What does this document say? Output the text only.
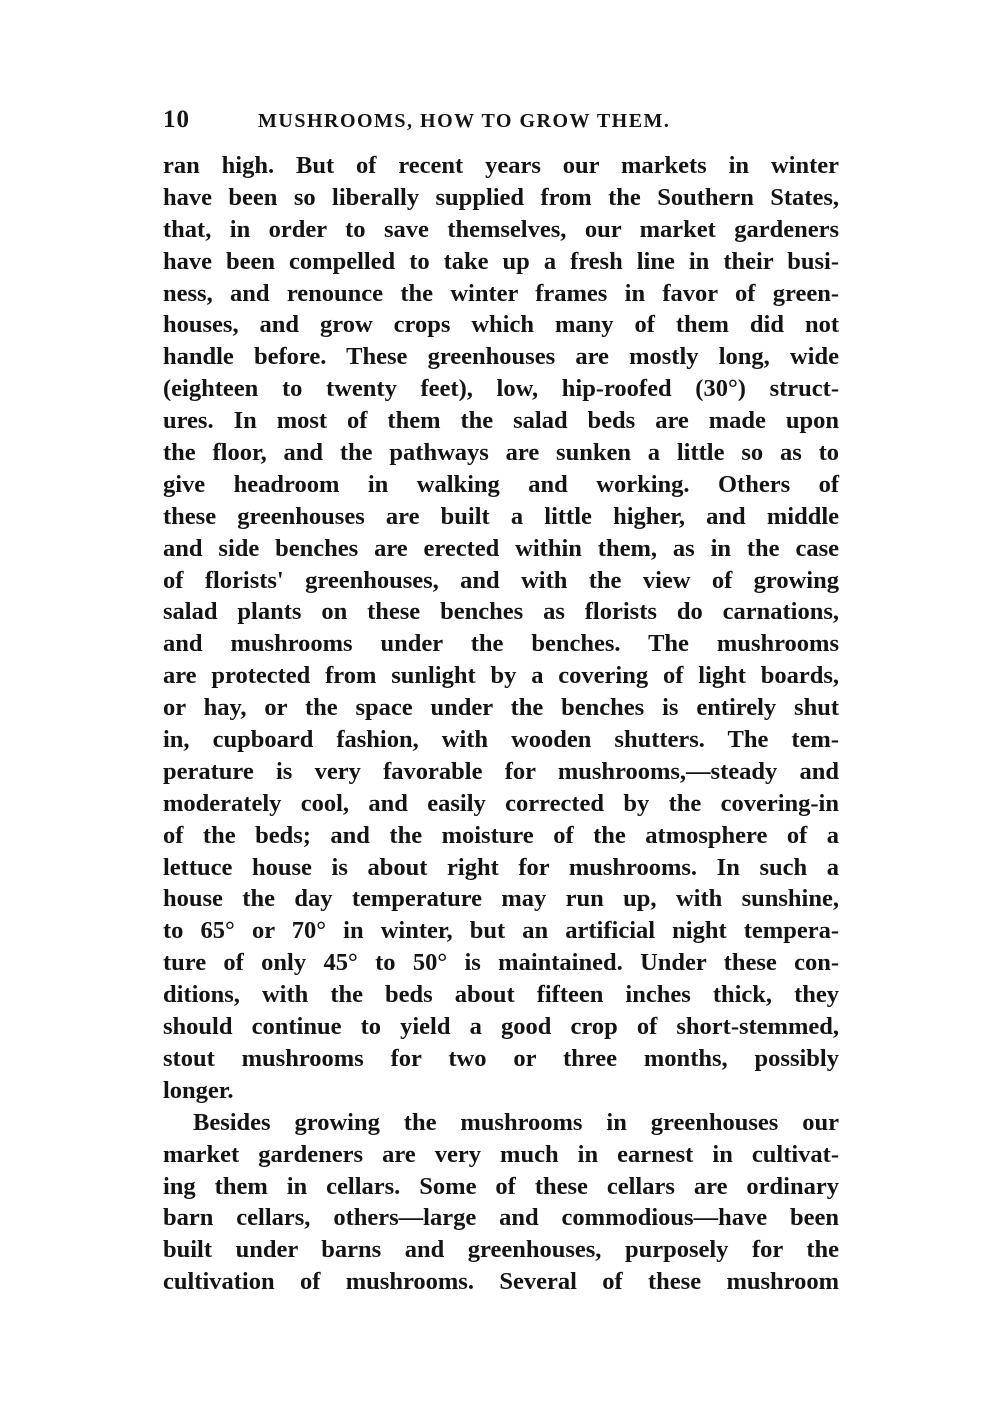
10	MUSHROOMS, HOW TO GROW THEM.
ran high. But of recent years our markets in winter
have been so liberally supplied from the Southern States,
that, in order to save themselves, our market gardeners
have been compelled to take up a fresh line in their busi-
ness, and renounce the winter frames in favor of green-
houses, and grow crops which many of them did not
handle before. These greenhouses are mostly long, wide
(eighteen to twenty feet), low, hip-roofed (30°) struct-
ures. In most of them the salad beds are made upon
the floor, and the pathways are sunken a little so as to
give headroom in walking and working. Others of
these greenhouses are built a little higher, and middle
and side benches are erected within them, as in the case
of florists' greenhouses, and with the view of growing
salad plants on these benches as florists do carnations,
and mushrooms under the benches. The mushrooms
are protected from sunlight by a covering of light boards,
or hay, or the space under the benches is entirely shut
in, cupboard fashion, with wooden shutters. The tem-
perature is very favorable for mushrooms,—steady and
moderately cool, and easily corrected by the covering-in
of the beds; and the moisture of the atmosphere of a
lettuce house is about right for mushrooms. In such a
house the day temperature may run up, with sunshine,
to 65° or 70° in winter, but an artificial night tempera-
ture of only 45° to 50° is maintained. Under these con-
ditions, with the beds about fifteen inches thick, they
should continue to yield a good crop of short-stemmed,
stout mushrooms for two or three months, possibly
longer.
Besides growing the mushrooms in greenhouses our
market gardeners are very much in earnest in cultivat-
ing them in cellars. Some of these cellars are ordinary
barn cellars, others—large and commodious—have been
built under barns and greenhouses, purposely for the
cultivation of mushrooms. Several of these mushroom
